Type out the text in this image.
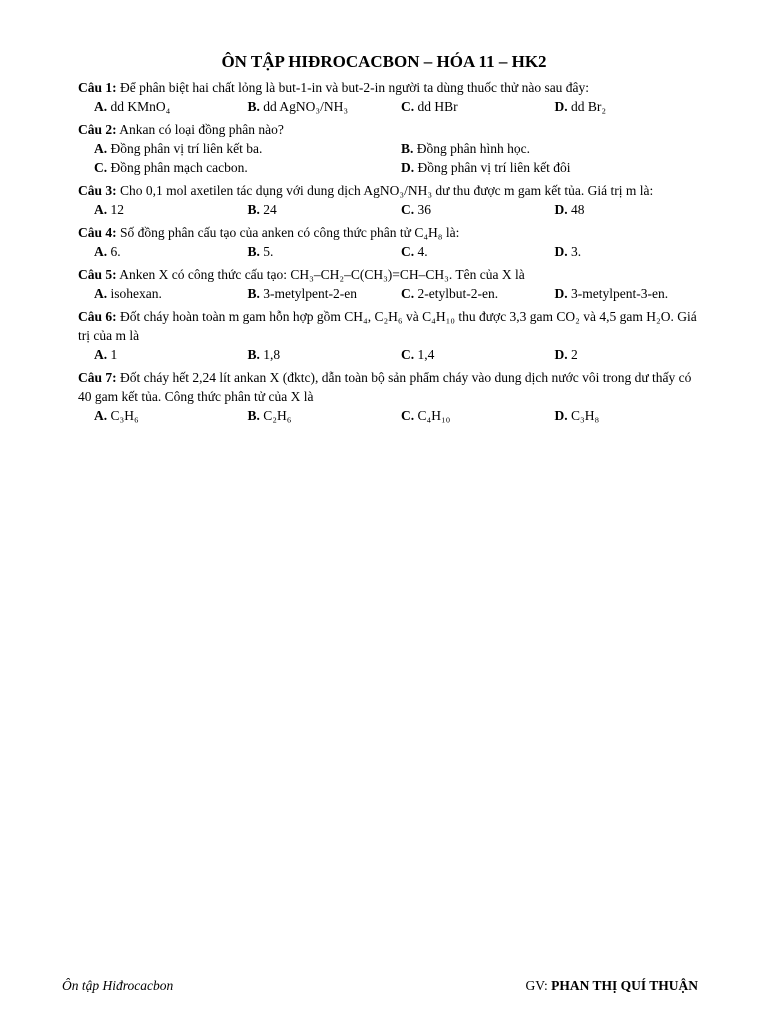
ÔN TẬP HIĐROCACBON – HÓA 11 – HK2
Câu 1: Để phân biệt hai chất lỏng là but-1-in và but-2-in người ta dùng thuốc thử nào sau đây:
A. dd KMnO₄	B. dd AgNO₃/NH₃	C. dd HBr	D. dd Br₂
Câu 2: Ankan có loại đồng phân nào?
A. Đồng phân vị trí liên kết ba.	B. Đồng phân hình học.
C. Đồng phân mạch cacbon.	D. Đồng phân vị trí liên kết đôi
Câu 3: Cho 0,1 mol axetilen tác dụng với dung dịch AgNO₃/NH₃ dư thu được m gam kết tủa. Giá trị m là:
A. 12	B. 24	C. 36	D. 48
Câu 4: Số đồng phân cấu tạo của anken có công thức phân tử C₄H₈ là:
A. 6.	B. 5.	C. 4.	D. 3.
Câu 5: Anken X có công thức cấu tạo: CH₃–CH₂–C(CH₃)=CH–CH₃. Tên của X là
A. isohexan.	B. 3-metylpent-2-en	C. 2-etylbut-2-en.	D. 3-metylpent-3-en.
Câu 6: Đốt cháy hoàn toàn m gam hỗn hợp gồm CH₄, C₂H₆ và C₄H₁₀ thu được 3,3 gam CO₂ và 4,5 gam H₂O. Giá trị của m là
A. 1	B. 1,8	C. 1,4	D. 2
Câu 7: Đốt cháy hết 2,24 lít ankan X (đktc), dẫn toàn bộ sản phẩm cháy vào dung dịch nước vôi trong dư thấy có 40 gam kết tủa. Công thức phân tử của X là
A. C₃H₆	B. C₂H₆	C. C₄H₁₀	D. C₃H₈
Ôn tập Hiđrocacbon	GV: PHAN THỊ QUÍ THUẬN
